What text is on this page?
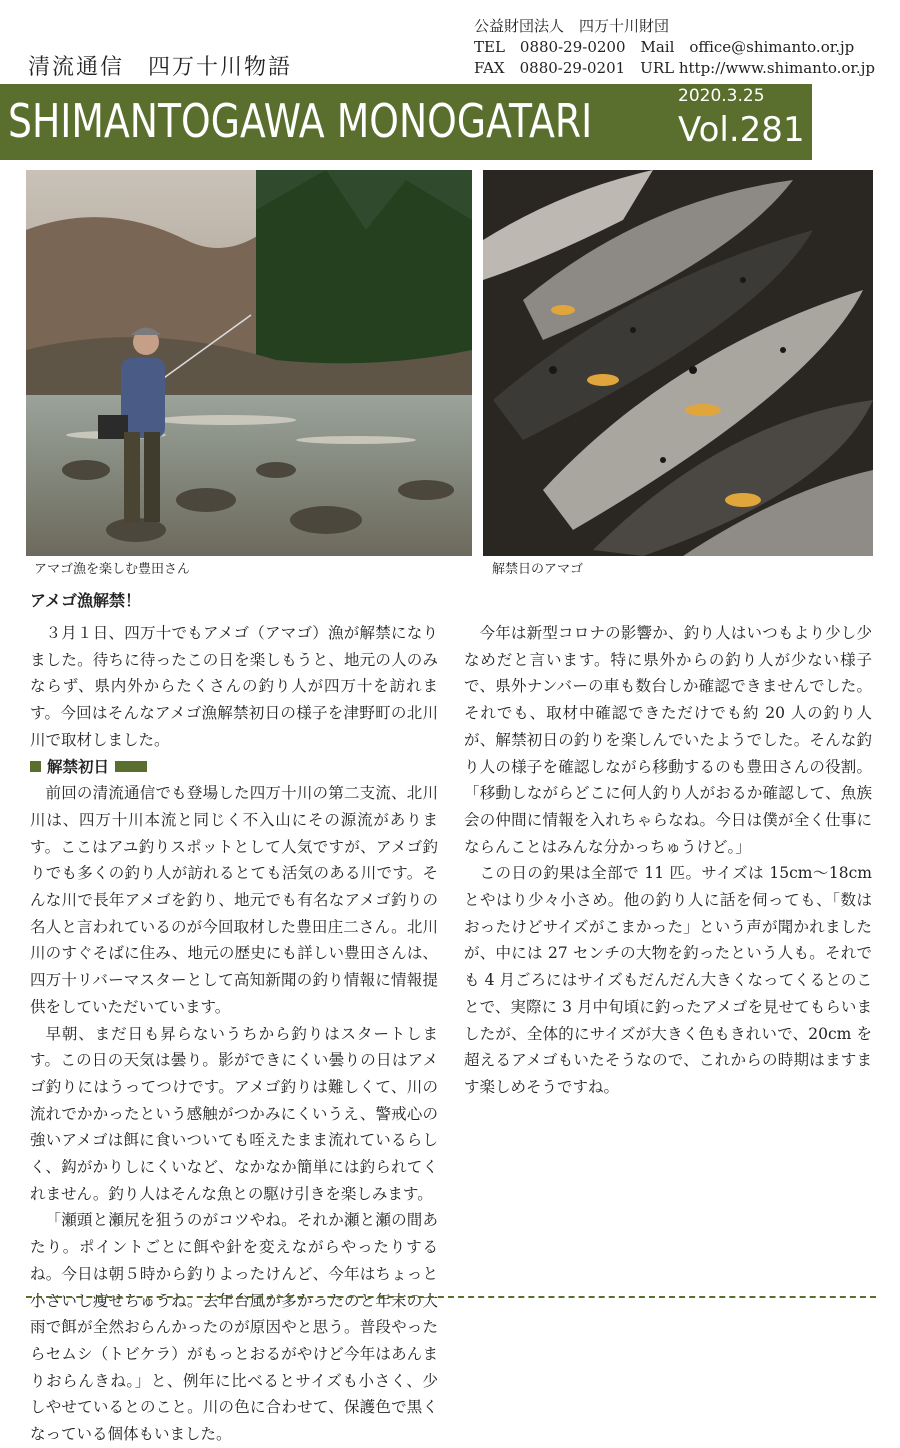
清流通信　四万十川物語
公益財団法人　四万十川財団
TEL　0880-29-0200　Mail　office@shimanto.or.jp
FAX　0880-29-0201　URL http://www.shimanto.or.jp
SHIMANTOGAWA MONOGATARI	2020.3.25
Vol.281
アマゴ漁を楽しむ豊田さん	解禁日のアマゴ
アメゴ漁解禁！

３月１日、四万十でもアメゴ（アマゴ）漁が解禁になりました。待ちに待ったこの日を楽しもうと、地元の人のみならず、県内外からたくさんの釣り人が四万十を訪れます。今回はそんなアメゴ漁解禁初日の様子を津野町の北川川で取材しました。

解禁初日

前回の清流通信でも登場した四万十川の第二支流、北川川は、四万十川本流と同じく不入山にその源流があります。ここはアユ釣りスポットとして人気ですが、アメゴ釣りでも多くの釣り人が訪れるとても活気のある川です。そんな川で長年アメゴを釣り、地元でも有名なアメゴ釣りの名人と言われているのが今回取材した豊田庄二さん。北川川のすぐそばに住み、地元の歴史にも詳しい豊田さんは、四万十リバーマスターとして高知新聞の釣り情報に情報提供をしていただいています。

早朝、まだ日も昇らないうちから釣りはスタートします。この日の天気は曇り。影ができにくい曇りの日はアメゴ釣りにはうってつけです。アメゴ釣りは難しくて、川の流れでかかったという感触がつかみにくいうえ、警戒心の強いアメゴは餌に食いついても咥えたまま流れているらしく、鈎がかりしにくいなど、なかなか簡単には釣られてくれません。釣り人はそんな魚との駆け引きを楽しみます。

「瀬頭と瀬尻を狙うのがコツやね。それか瀬と瀬の間あたり。ポイントごとに餌や針を変えながらやったりするね。今日は朝５時から釣りよったけんど、今年はちょっと小さいし痩せちゅうね。去年台風が多かったのと年末の大雨で餌が全然おらんかったのが原因やと思う。普段やったらセムシ（トビケラ）がもっとおるがやけど今年はあんまりおらんきね。」と、例年に比べるとサイズも小さく、少しやせているとのこと。川の色に合わせて、保護色で黒くなっている個体もいました。

今年は新型コロナの影響か、釣り人はいつもより少し少なめだと言います。特に県外からの釣り人が少ない様子で、県外ナンバーの車も数台しか確認できませんでした。それでも、取材中確認できただけでも約 20 人の釣り人が、解禁初日の釣りを楽しんでいたようでした。そんな釣り人の様子を確認しながら移動するのも豊田さんの役割。「移動しながらどこに何人釣り人がおるか確認して、魚族会の仲間に情報を入れちゃらなね。今日は僕が全く仕事にならんことはみんな分かっちゅうけど。」

この日の釣果は全部で 11 匹。サイズは 15cm～18cm とやはり少々小さめ。他の釣り人に話を伺っても、「数はおったけどサイズがこまかった」という声が聞かれましたが、中には 27 センチの大物を釣ったという人も。それでも 4 月ごろにはサイズもだんだん大きくなってくるとのことで、実際に 3 月中旬頃に釣ったアメゴを見せてもらいましたが、全体的にサイズが大きく色もきれいで、20cm を超えるアメゴもいたそうなので、これからの時期はますます楽しめそうですね。
